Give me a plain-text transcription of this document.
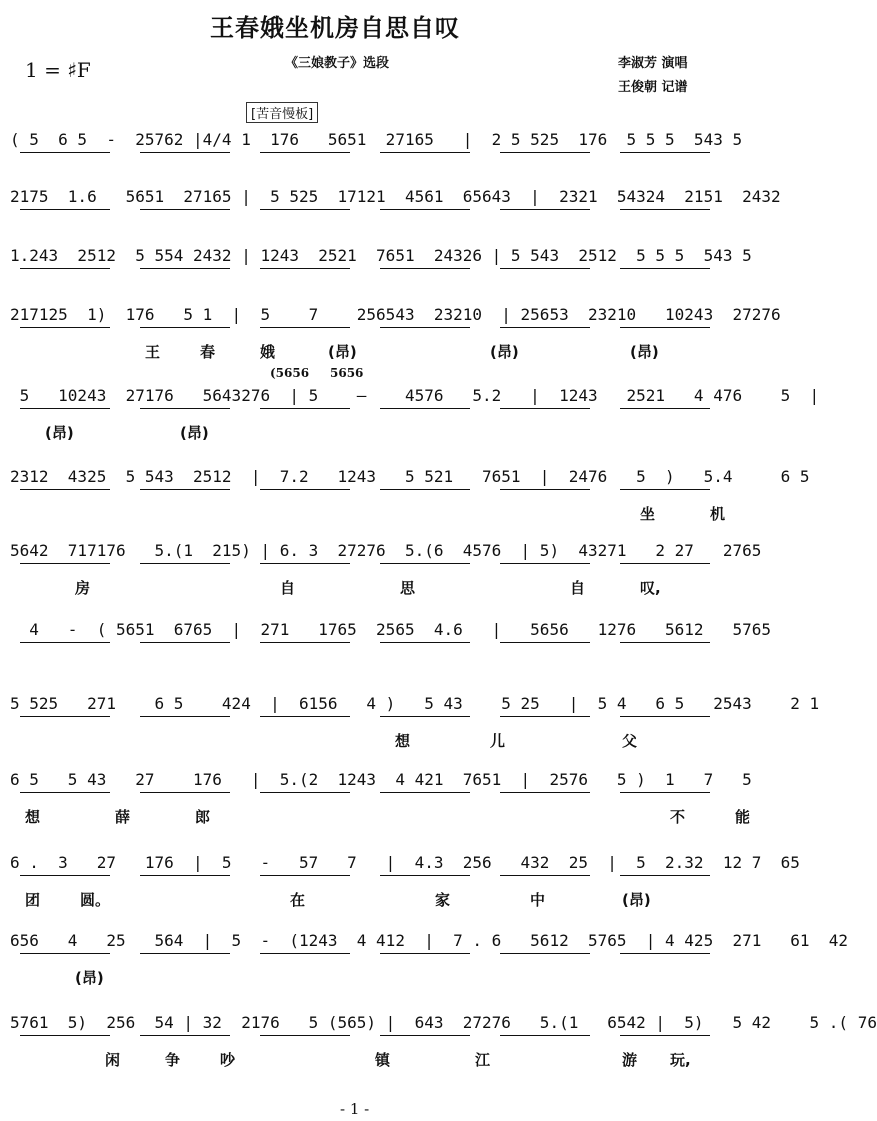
王春娥坐机房自思自叹
1 = ♯F	《三娘教子》选段	李淑芳 演唱
王俊朝 记谱
[苦音慢板]
( 5  6 5  -  25762 |4/4 1  176   5651  27165   |  2 5 525  176  5 5 5  543 5
2175  1.6   5651  27165 |  5 525  17121  4561  65643  |  2321  54324  2151  2432
1.243  2512  5 554 2432 | 1243  2521  7651  24326 | 5 543  2512  5 5 5  543 5
217125  1)  176   5 1  |  5    7    256543  23210  | 25653  23210   10243  27276
王	春	娥	(昂)	(昂)	(昂)
5   10243  27176   5643276  | 5    —    4576   5.2   |  1243   2521   4 476    5  |
(5656 5656
(昂)	(昂)
2312  4325  5 543  2512  |  7.2   1243   5 521   7651  |  2476   5  )   5.4     6 5
坐	机
5642  717176   5.(1  215) | 6. 3  27276  5.(6  4576  | 5)  43271   2 27   2765
房	自	思	自	叹,
4   -  ( 5651  6765  |  271   1765  2565  4.6   |   5656   1276   5612   5765
5 525   271    6 5    424  |  6156   4 )   5 43    5 25   |  5 4   6 5   2543    2 1
想	儿	父
6 5   5 43   27    176   |  5.(2  1243  4 421  7651  |  2576   5 )  1   7   5
想	薛	郎	不	能
6 .  3   27   176  |  5   -   57   7   |  4.3  256   432  25  |  5  2.32  12 7  65
团	圆。	在	家	中	(昂)
656   4   25   564  |  5  -  (1243  4 412  |  7 . 6   5612  5765  | 4 425  271   61  42
(昂)
5761  5)  256  54 | 32  2176   5 (565) |  643  27276   5.(1   6542 |  5)   5 42    5 .( 76
闲	争	吵	镇	江	游 玩,
- 1 -
